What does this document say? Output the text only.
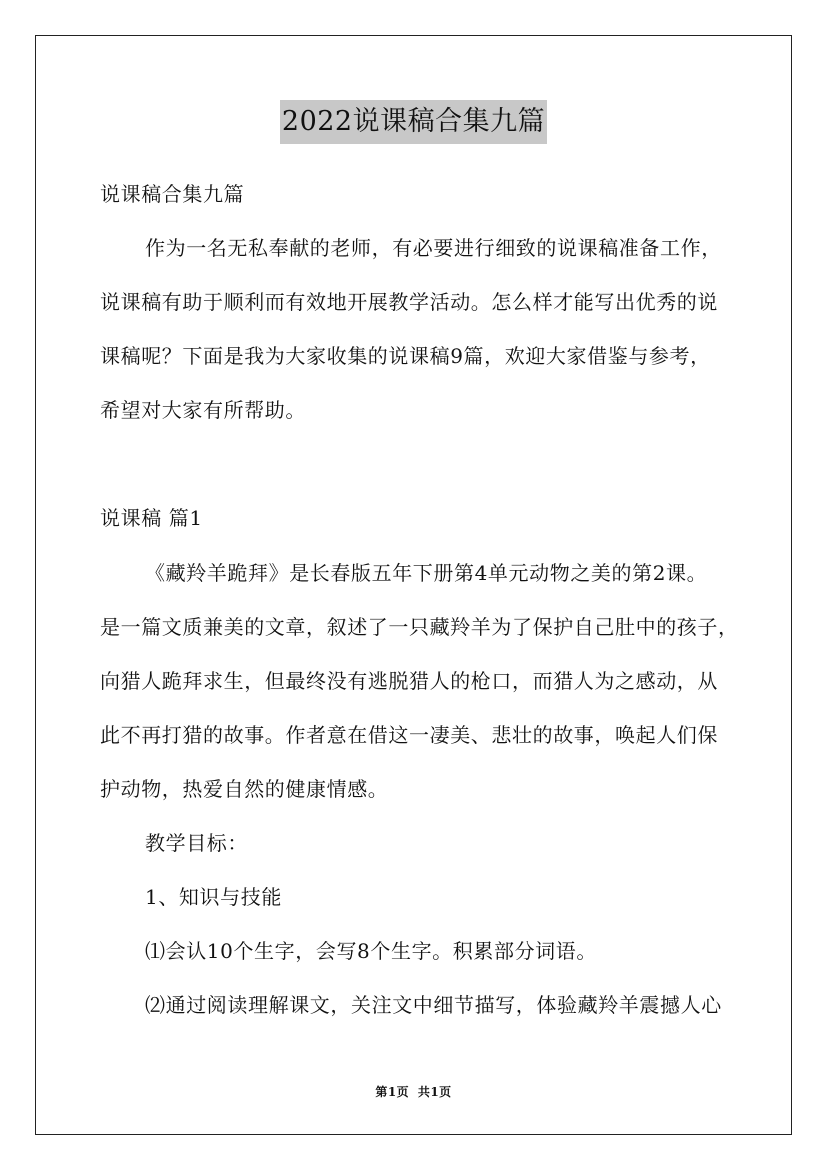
2022说课稿合集九篇
说课稿合集九篇
作为一名无私奉献的老师，有必要进行细致的说课稿准备工作，
说课稿有助于顺利而有效地开展教学活动。怎么样才能写出优秀的说
课稿呢？下面是我为大家收集的说课稿9篇，欢迎大家借鉴与参考，
希望对大家有所帮助。
说课稿 篇1
《藏羚羊跪拜》是长春版五年下册第4单元动物之美的第2课。
是一篇文质兼美的文章，叙述了一只藏羚羊为了保护自己肚中的孩子，
向猎人跪拜求生，但最终没有逃脱猎人的枪口，而猎人为之感动，从
此不再打猎的故事。作者意在借这一凄美、悲壮的故事，唤起人们保
护动物，热爱自然的健康情感。
教学目标：
1、知识与技能
⑴会认10个生字，会写8个生字。积累部分词语。
⑵通过阅读理解课文，关注文中细节描写，体验藏羚羊震撼人心
第1页 共1页
